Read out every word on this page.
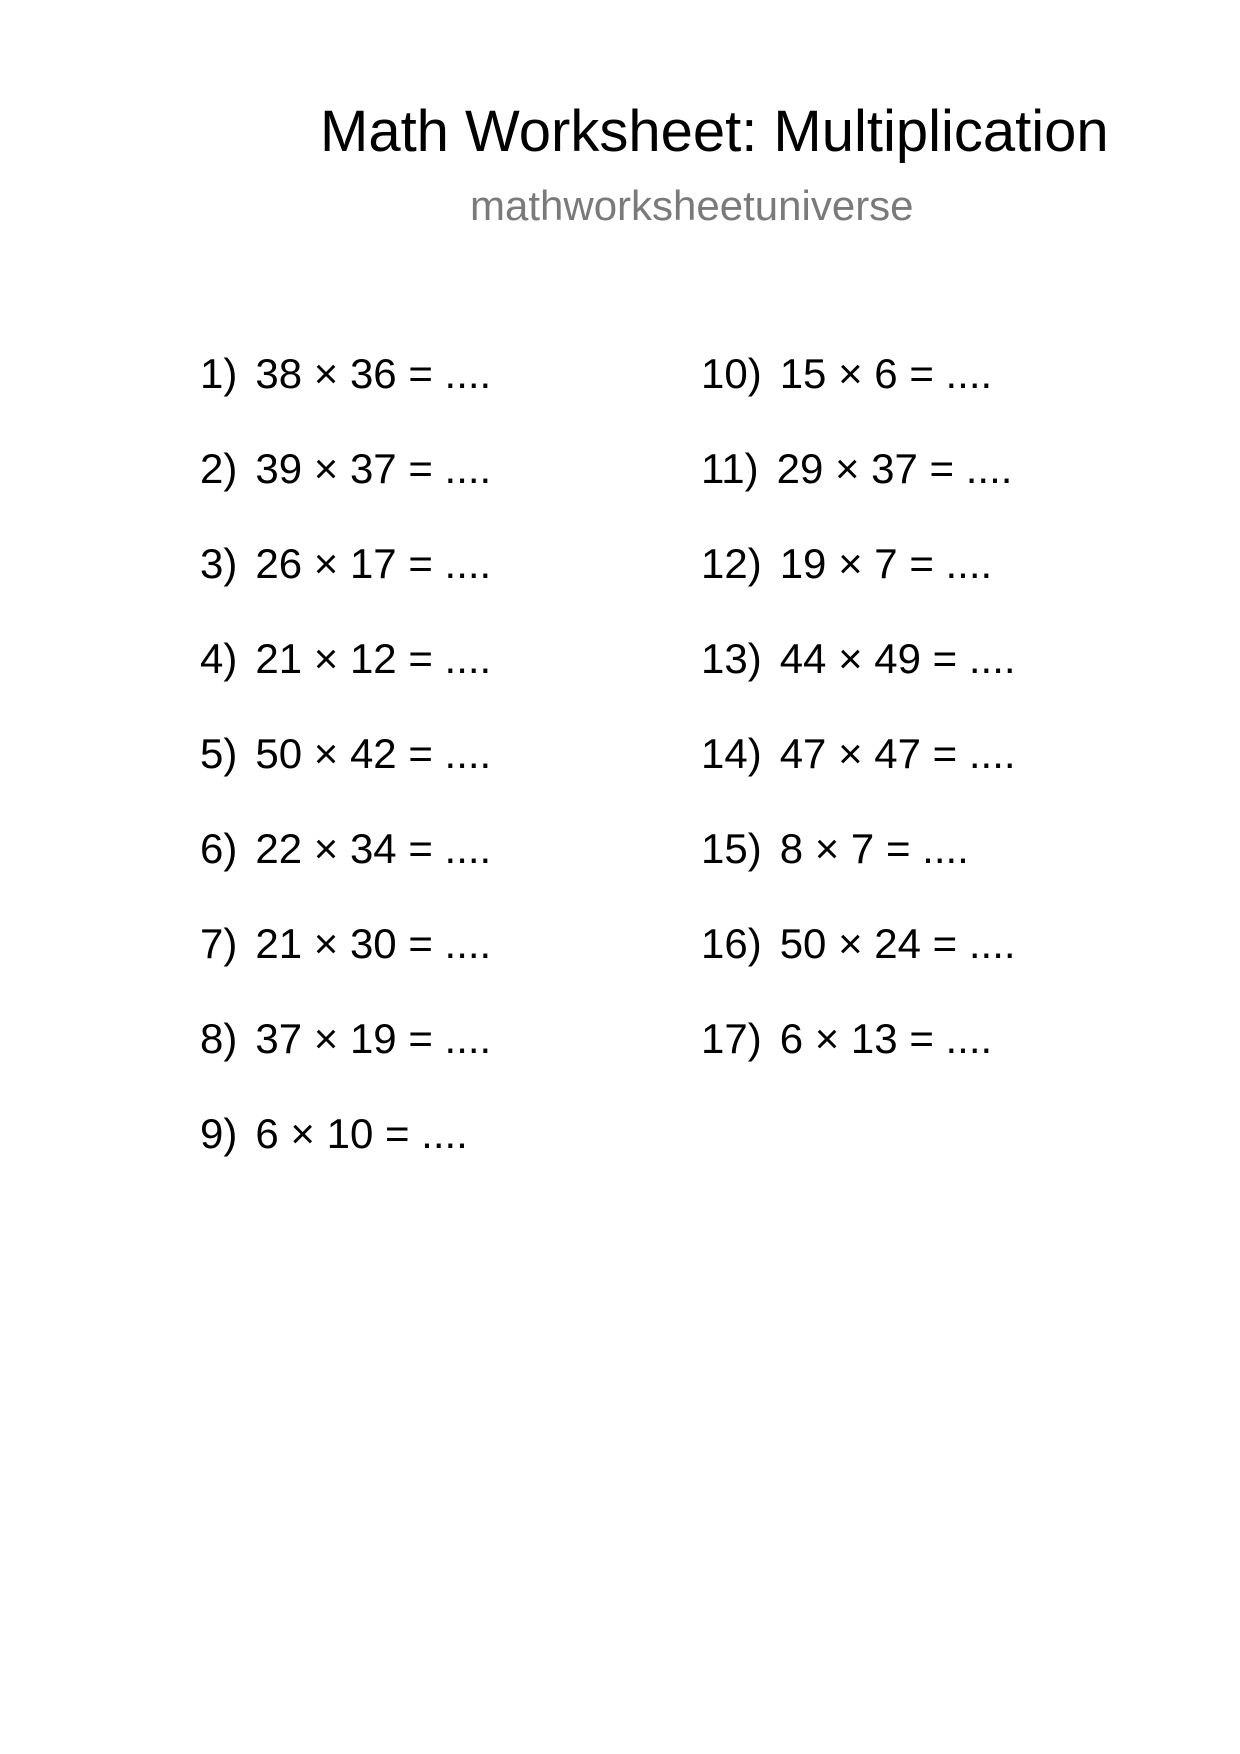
Math Worksheet: Multiplication
mathworksheetuniverse
1) 38 × 36 = ....
2) 39 × 37 = ....
3) 26 × 17 = ....
4) 21 × 12 = ....
5) 50 × 42 = ....
6) 22 × 34 = ....
7) 21 × 30 = ....
8) 37 × 19 = ....
9) 6 × 10 = ....
10) 15 × 6 = ....
11) 29 × 37 = ....
12) 19 × 7 = ....
13) 44 × 49 = ....
14) 47 × 47 = ....
15) 8 × 7 = ....
16) 50 × 24 = ....
17) 6 × 13 = ....
